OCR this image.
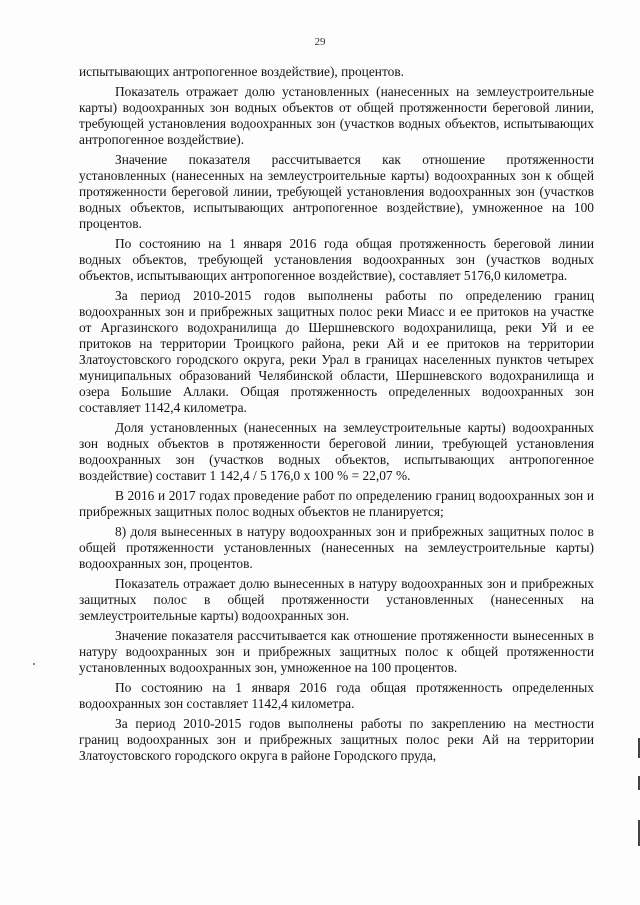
29

испытывающих антропогенное воздействие), процентов.

Показатель отражает долю установленных (нанесенных на землеустроительные карты) водоохранных зон водных объектов от общей протяженности береговой линии, требующей установления водоохранных зон (участков водных объектов, испытывающих антропогенное воздействие).

Значение показателя рассчитывается как отношение протяженности установленных (нанесенных на землеустроительные карты) водоохранных зон к общей протяженности береговой линии, требующей установления водоохранных зон (участков водных объектов, испытывающих антропогенное воздействие), умноженное на 100 процентов.

По состоянию на 1 января 2016 года общая протяженность береговой линии водных объектов, требующей установления водоохранных зон (участков водных объектов, испытывающих антропогенное воздействие), составляет 5176,0 километра.

За период 2010-2015 годов выполнены работы по определению границ водоохранных зон и прибрежных защитных полос реки Миасс и ее притоков на участке от Аргазинского водохранилища до Шершневского водохранилища, реки Уй и ее притоков на территории Троицкого района, реки Ай и ее притоков на территории Златоустовского городского округа, реки Урал в границах населенных пунктов четырех муниципальных образований Челябинской области, Шершневского водохранилища и озера Большие Аллаки. Общая протяженность определенных водоохранных зон составляет 1142,4 километра.

Доля установленных (нанесенных на землеустроительные карты) водоохранных зон водных объектов в протяженности береговой линии, требующей установления водоохранных зон (участков водных объектов, испытывающих антропогенное воздействие) составит 1 142,4 / 5 176,0 x 100 % = 22,07 %.

В 2016 и 2017 годах проведение работ по определению границ водоохранных зон и прибрежных защитных полос водных объектов не планируется;

8) доля вынесенных в натуру водоохранных зон и прибрежных защитных полос в общей протяженности установленных (нанесенных на землеустроительные карты) водоохранных зон, процентов.

Показатель отражает долю вынесенных в натуру водоохранных зон и прибрежных защитных полос в общей протяженности установленных (нанесенных на землеустроительные карты) водоохранных зон.

Значение показателя рассчитывается как отношение протяженности вынесенных в натуру водоохранных зон и прибрежных защитных полос к общей протяженности установленных водоохранных зон, умноженное на 100 процентов.

По состоянию на 1 января 2016 года общая протяженность определенных водоохранных зон составляет 1142,4 километра.

За период 2010-2015 годов выполнены работы по закреплению на местности границ водоохранных зон и прибрежных защитных полос реки Ай на территории Златоустовского городского округа в районе Городского пруда,
